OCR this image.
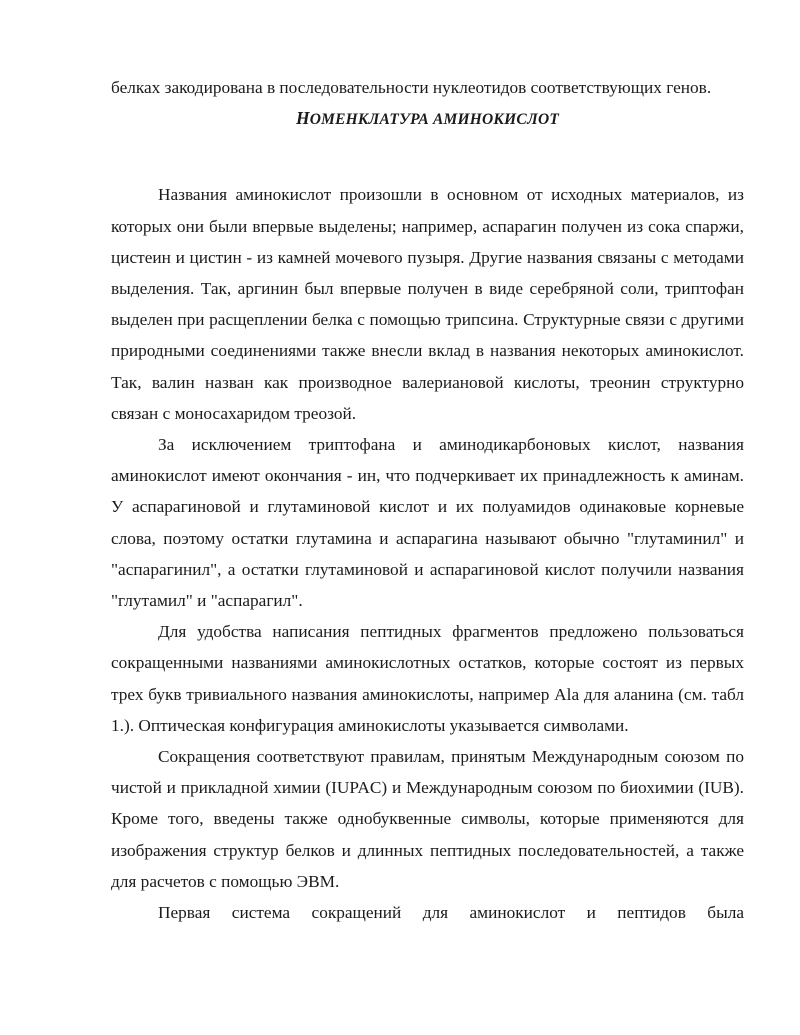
белках закодирована в последовательности нуклеотидов соответствующих генов.

НОМЕНКЛАТУРА АМИНОКИСЛОТ

Названия аминокислот произошли в основном от исходных материалов, из которых они были впервые выделены; например, аспарагин получен из сока спаржи, цистеин и цистин - из камней мочевого пузыря. Другие названия связаны с методами выделения. Так, аргинин был впервые получен в виде серебряной соли, триптофан выделен при расщеплении белка с помощью трипсина. Структурные связи с другими природными соединениями также внесли вклад в названия некоторых аминокислот. Так, валин назван как производное валериановой кислоты, треонин структурно связан с моносахаридом треозой.

За исключением триптофана и аминодикарбоновых кислот, названия аминокислот имеют окончания - ин, что подчеркивает их принадлежность к аминам. У аспарагиновой и глутаминовой кислот и их полуамидов одинаковые корневые слова, поэтому остатки глутамина и аспарагина называют обычно "глутаминил" и "аспарагинил", а остатки глутаминовой и аспарагиновой кислот получили названия "глутамил" и "аспарагил".

Для удобства написания пептидных фрагментов предложено пользоваться сокращенными названиями аминокислотных остатков, которые состоят из первых трех букв тривиального названия аминокислоты, например Ala для аланина (см. табл 1.). Оптическая конфигурация аминокислоты указывается символами.

Сокращения соответствуют правилам, принятым Международным союзом по чистой и прикладной химии (IUPAC) и Международным союзом по биохимии (IUB). Кроме того, введены также однобуквенные символы, которые применяются для изображения структур белков и длинных пептидных последовательностей, а также для расчетов с помощью ЭВМ.

Первая система сокращений для аминокислот и пептидов была
